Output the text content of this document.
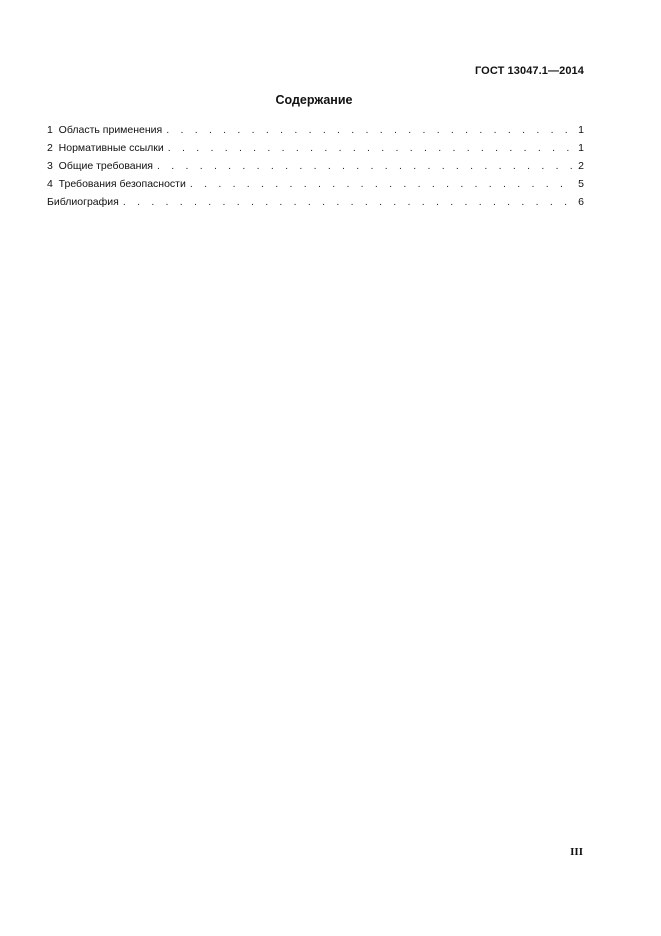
ГОСТ 13047.1—2014
Содержание
1  Область применения . . .	1
2  Нормативные ссылки . . .	1
3  Общие требования . . .	2
4  Требования безопасности . . .	5
Библиография . . .	6
III
